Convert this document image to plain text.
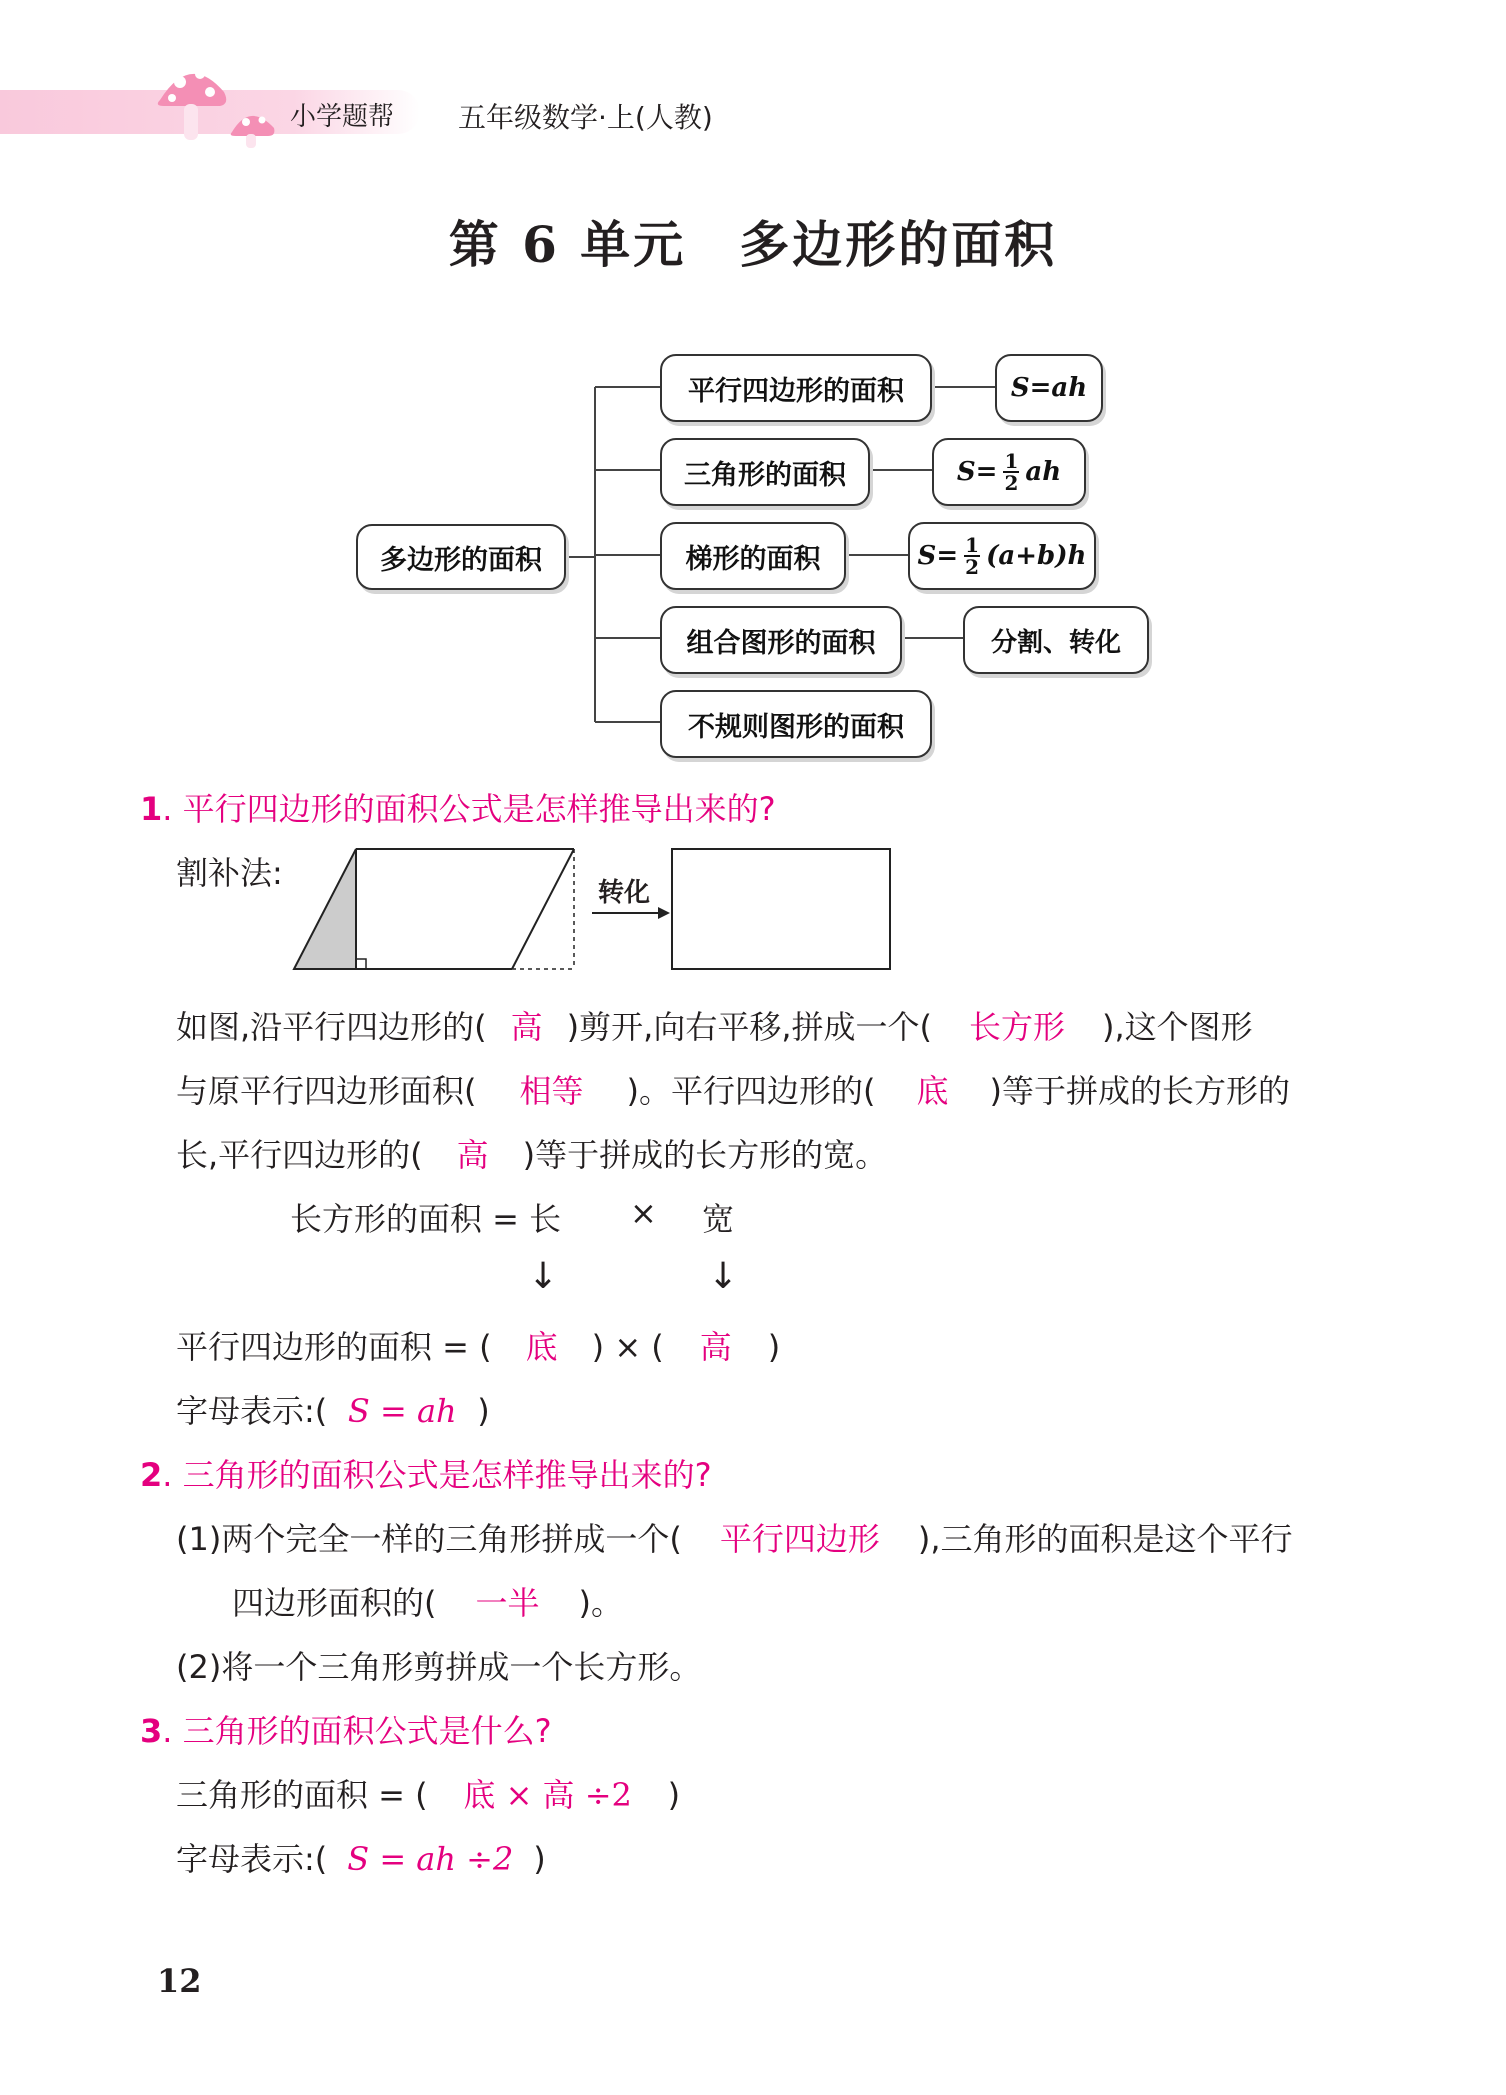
小学题帮 五年级数学·上(人教)
第 6 单元　多边形的面积
多边形的面积
平行四边形的面积
三角形的面积
梯形的面积
组合图形的面积
不规则图形的面积
S=ah
$S= \frac{1}{2}$ ah
$S= \frac{1}{2} (a+b)h$
分割、转化
1. 平行四边形的面积公式是怎样推导出来的?
割补法:
转化
如图,沿平行四边形的( 高 )剪开,向右平移,拼成一个( 长方形 ),这个图形
与原平行四边形面积( 相等 )。平行四边形的( 底 )等于拼成的长方形的
长,平行四边形的( 高 )等于拼成的长方形的宽。
长方形的面积 = 长 × 宽
↓	↓
平行四边形的面积 = ( 底 ) × ( 高 )
字母表示:( S = ah )
2. 三角形的面积公式是怎样推导出来的?
(1)两个完全一样的三角形拼成一个( 平行四边形 ),三角形的面积是这个平行
四边形面积的( 一半 )。
(2)将一个三角形剪拼成一个长方形。
3. 三角形的面积公式是什么?
三角形的面积 = ( 底 × 高 ÷2 )
字母表示:( S = ah ÷2 )
12
